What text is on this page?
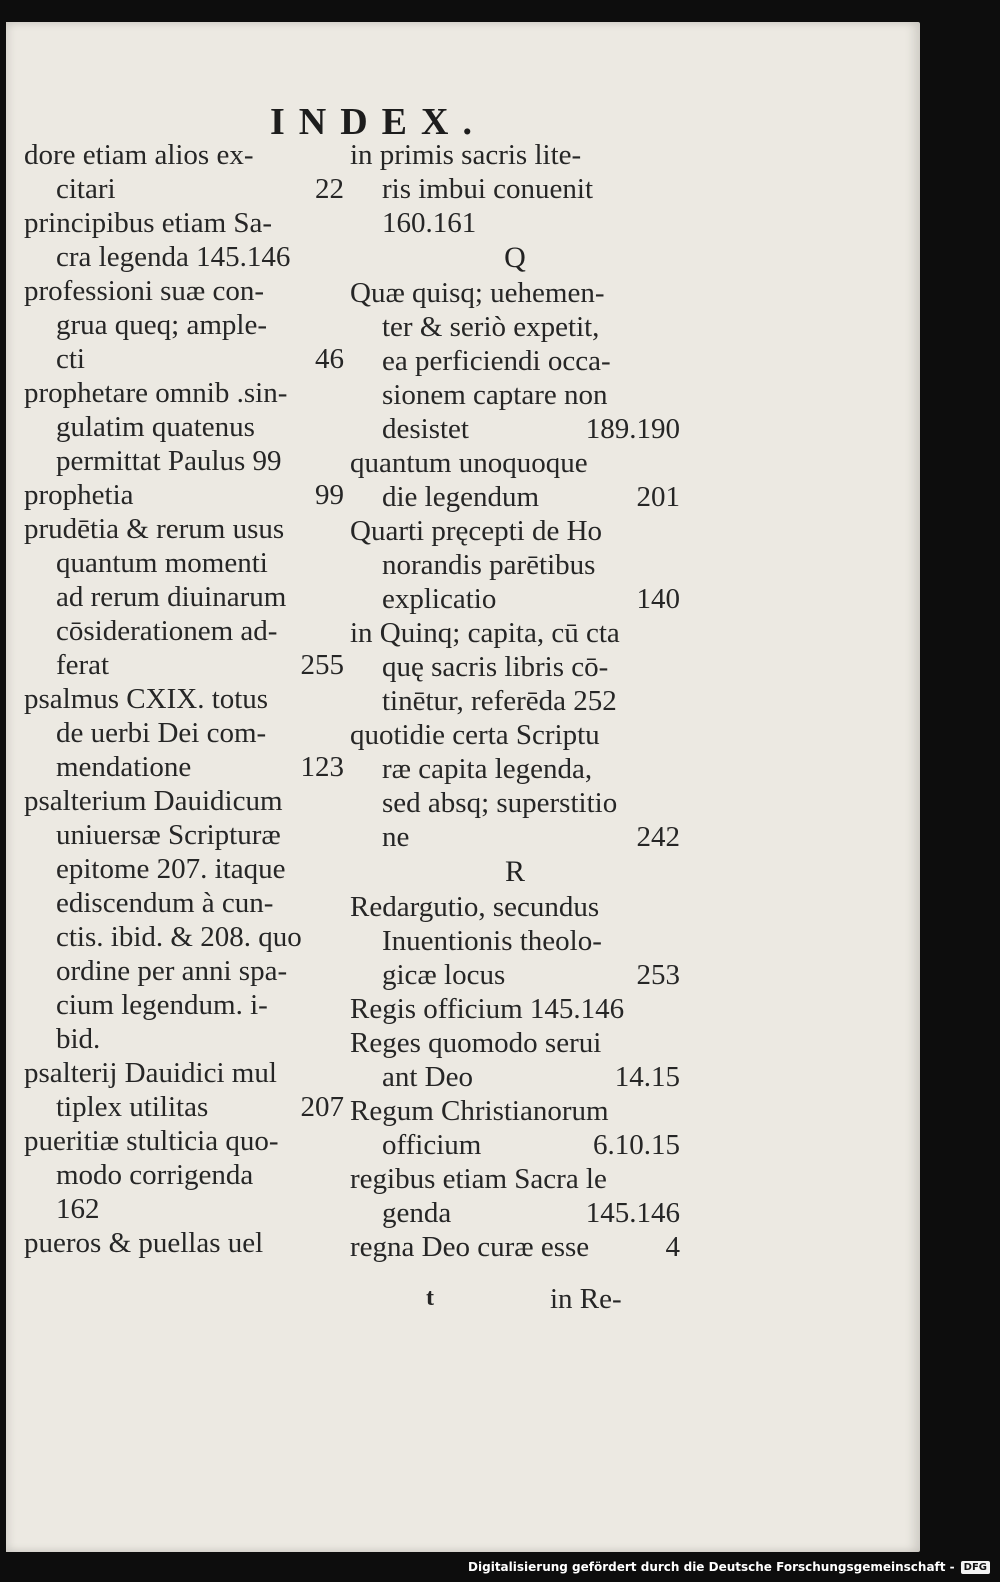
INDEX.
dore etiam alios ex-
citari	22
principibus etiam Sa-
cra legenda 145.146
professioni suæ con-
grua queq; ample-
cti	46
prophetare omnib .sin-
gulatim quatenus
permittat Paulus 99
prophetia	99
prudētia & rerum usus
quantum momenti
ad rerum diuinarum
cōsiderationem ad-
ferat	255
psalmus CXIX. totus
de uerbi Dei com-
mendatione	123
psalterium Dauidicum
uniuersæ Scripturæ
epitome 207. itaque
ediscendum à cun-
ctis. ibid. & 208. quo
ordine per anni spa-
cium legendum. i-
bid.
psalterij Dauidici mul
tiplex utilitas	207
pueritiæ stulticia quo-
modo corrigenda
162
pueros & puellas uel
in primis sacris lite-
ris imbui conuenit
160.161
Q
Quæ quisq; uehemen-
ter & seriò expetit,
ea perficiendi occa-
sionem captare non
desistet	189.190
quantum unoquoque
die legendum	201
Quarti pręcepti de Ho
norandis parētibus
explicatio	140
in Quinq; capita, cū cta
quę sacris libris cō-
tinētur, referēda 252
quotidie certa Scriptu
ræ capita legenda,
sed absq; superstitio
ne	242
R
Redargutio, secundus
Inuentionis theolo-
gicæ locus	253
Regis officium 145.146
Reges quomodo serui
ant Deo	14.15
Regum Christianorum
officium	6.10.15
regibus etiam Sacra le
genda	145.146
regna Deo curæ esse	4
t	in Re-
Digitalisierung gefördert durch die Deutsche Forschungsgemeinschaft - DFG
